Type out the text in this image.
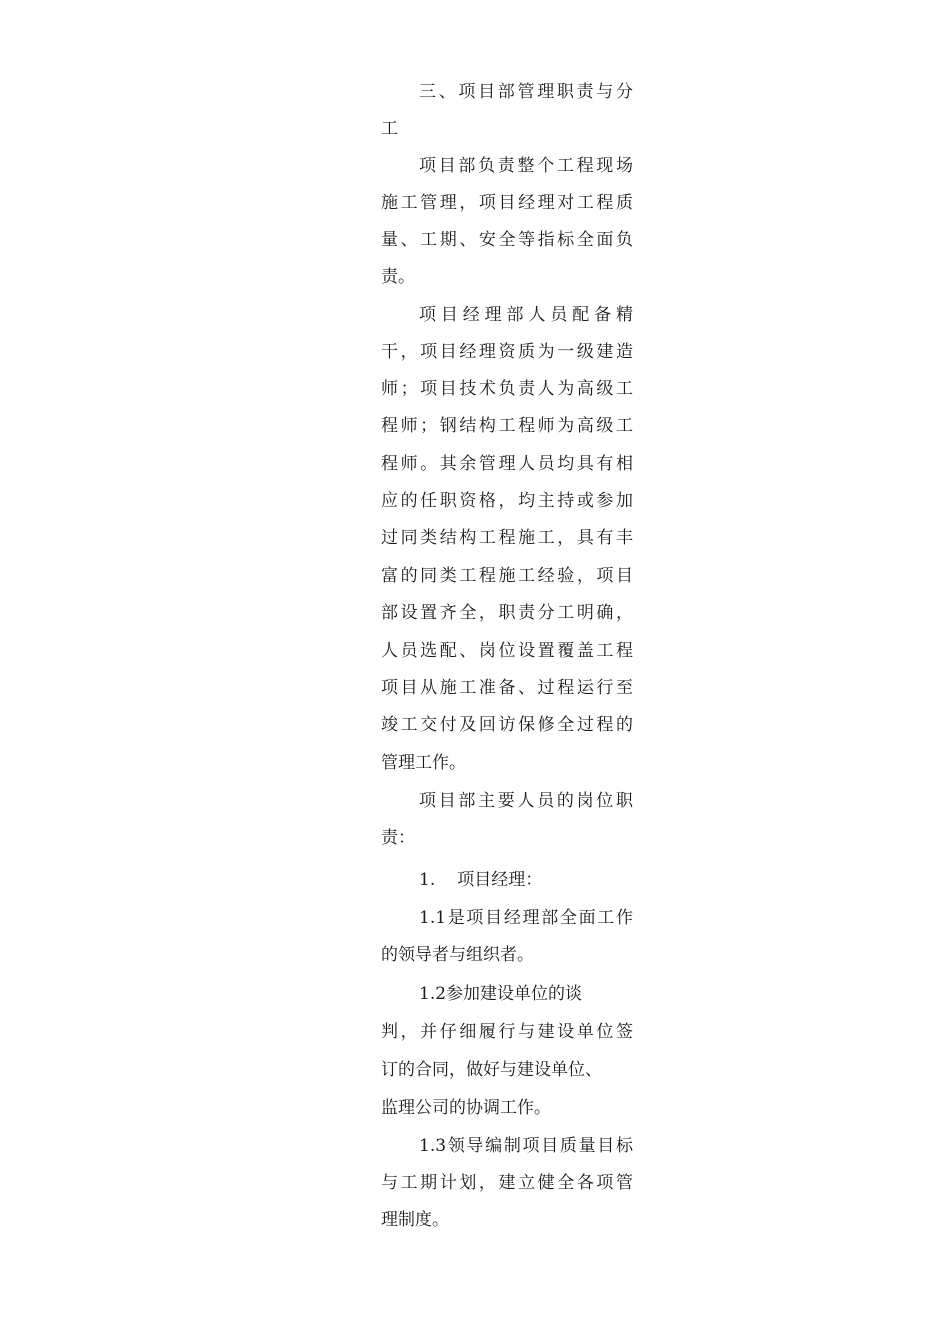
三、项目部管理职责与分
工
项目部负责整个工程现场
施工管理，项目经理对工程质
量、工期、安全等指标全面负
责。
项目经理部人员配备精
干，项目经理资质为一级建造
师；项目技术负责人为高级工
程师；钢结构工程师为高级工
程师。其余管理人员均具有相
应的任职资格，均主持或参加
过同类结构工程施工，具有丰
富的同类工程施工经验，项目
部设置齐全，职责分工明确，
人员选配、岗位设置覆盖工程
项目从施工准备、过程运行至
竣工交付及回访保修全过程的
管理工作。
项目部主要人员的岗位职
责：
1. 项目经理：
1.1是项目经理部全面工作
的领导者与组织者。
1.2参加建设单位的谈
判，并仔细履行与建设单位签
订的合同，做好与建设单位、
监理公司的协调工作。
1.3领导编制项目质量目标
与工期计划，建立健全各项管
理制度。
